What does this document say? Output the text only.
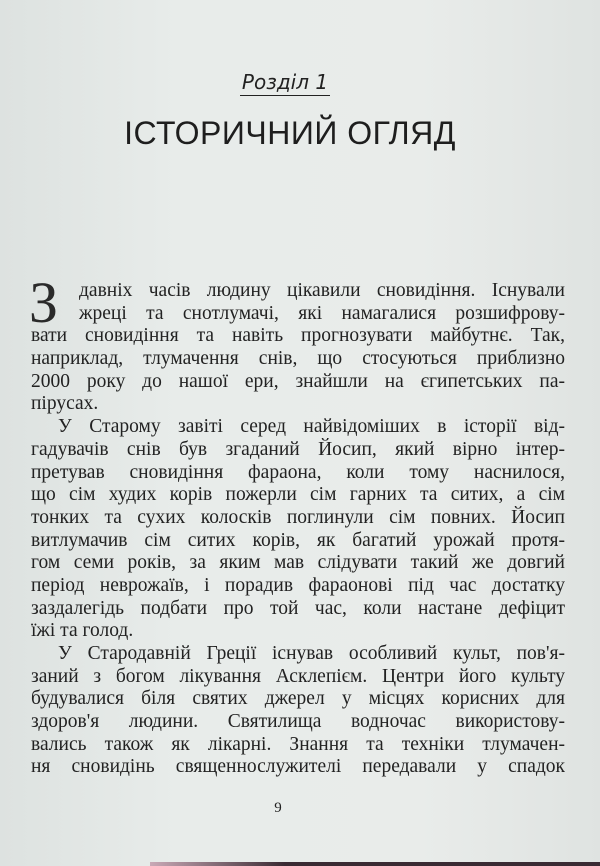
Розділ 1
ІСТОРИЧНИЙ ОГЛЯД
З	давніх часів людину цікавили сновидіння. Існували
жреці та снотлумачі, які намагалися розшифрову-
вати сновидіння та навіть прогнозувати майбутнє. Так,
наприклад, тлумачення снів, що стосуються приблизно
2000 року до нашої ери, знайшли на єгипетських па-
пірусах.
У Старому завіті серед найвідоміших в історії від-
гадувачів снів був згаданий Йосип, який вірно інтер-
претував сновидіння фараона, коли тому наснилося,
що сім худих корів пожерли сім гарних та ситих, а сім
тонких та сухих колосків поглинули сім повних. Йосип
витлумачив сім ситих корів, як багатий урожай протя-
гом семи років, за яким мав слідувати такий же довгий
період неврожаїв, і порадив фараонові під час достатку
заздалегідь подбати про той час, коли настане дефіцит
їжі та голод.
У Стародавній Греції існував особливий культ, пов'я-
заний з богом лікування Асклепієм. Центри його культу
будувалися біля святих джерел у місцях корисних для
здоров'я людини. Святилища водночас використову-
вались також як лікарні. Знання та техніки тлумачен-
ня сновидінь священнослужителі передавали у спадок
9
